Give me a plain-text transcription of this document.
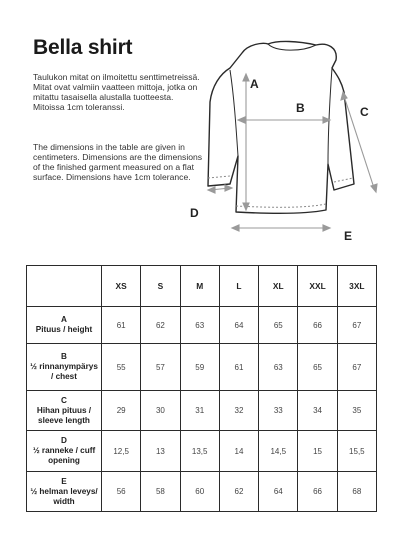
Bella shirt

Taulukon mitat on ilmoitettu senttimetreissä. Mitat ovat valmiin vaatteen mittoja, jotka on mitattu tasaisella alustalla tuotteesta. Mitoissa 1cm toleranssi.

The dimensions in the table are given in centimeters. Dimensions are the dimensions of the finished garment measured on a flat surface. Dimensions have 1cm tolerance.

A
B	C
D
E
	XS	S	M	L	XL	XXL	3XL

A
Pituus / height	61	62	63	64	65	66	67

B
½ rinnanympärys / chest	55	57	59	61	63	65	67

C
Hihan pituus / sleeve length	29	30	31	32	33	34	35

D
½ ranneke / cuff opening	12,5	13	13,5	14	14,5	15	15,5

E
½ helman leveys/ width	56	58	60	62	64	66	68
